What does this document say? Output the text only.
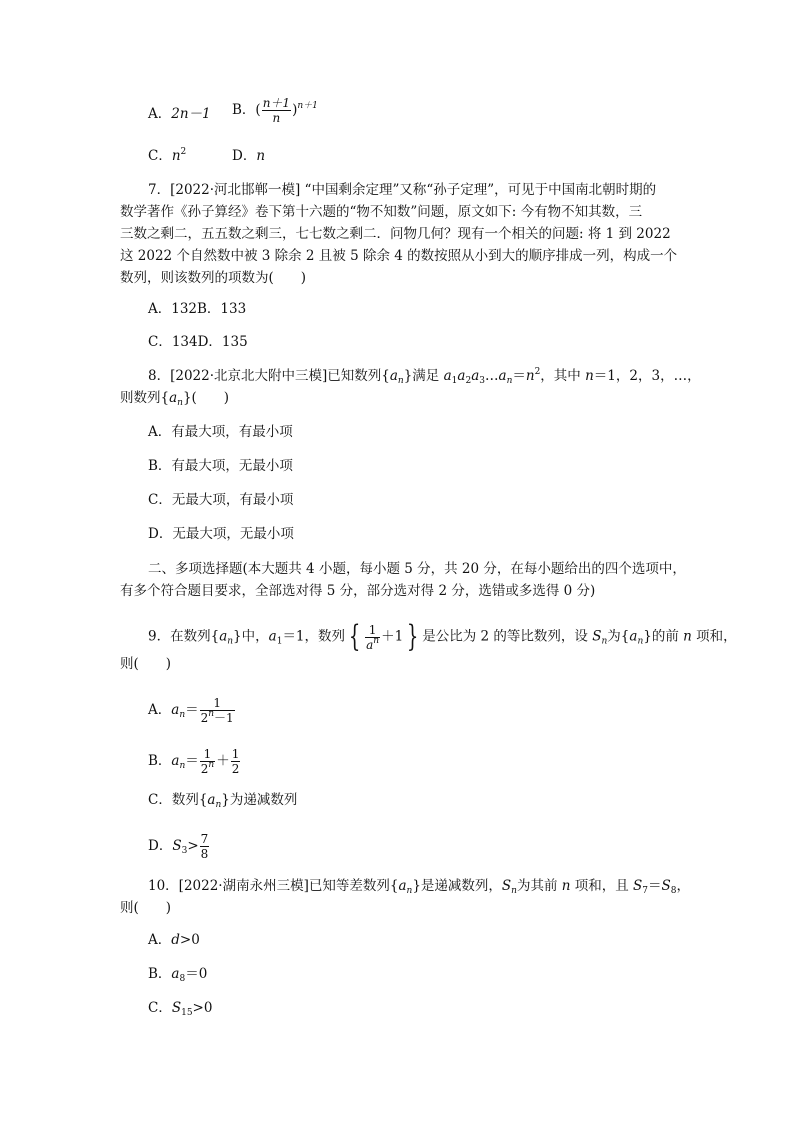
A．2n－1 B．( $\frac{n+1}{n} )^{n+1}$
C．$n^2$	D．n
7．[2022·河北邯郸一模] “中国剩余定理”又称“孙子定理”，可见于中国南北朝时期的
数学著作《孙子算经》卷下第十六题的“物不知数”问题，原文如下: 今有物不知其数，三
三数之剩二，五五数之剩三，七七数之剩二．问物几何？现有一个相关的问题: 将 1 到 2022
这 2022 个自然数中被 3 除余 2 且被 5 除余 4 的数按照从小到大的顺序排成一列，构成一个
数列，则该数列的项数为(　　)
A．132B．133
C．134D．135
8．[2022·北京北大附中三模]已知数列$\{a_n\}$满足 $a_1a_2a_3\dots a_n=n^2$，其中 n＝1，2，3，…，
则数列$\{a_n\}$(　　)
A．有最大项，有最小项
B．有最大项，无最小项
C．无最大项，有最小项
D．无最大项，无最小项
二、多项选择题(本大题共 4 小题，每小题 5 分，共 20 分，在每小题给出的四个选项中，
有多个符合题目要求，全部选对得 5 分，部分选对得 2 分，选错或多选得 0 分)
9．在数列$\{a_n\}$中，$a_1=1$，数列 { $\frac{1}{a^n} +1$ } 是公比为 2 的等比数列，设 $S_n$为$\{a_n\}$的前 n 项和，
则(　　)
A．$a_n= \frac{1}{2^n-1}$
B．$a_n= \frac{1}{2^n} + \frac{1}{2}$
C．数列$\{a_n\}$为递减数列
D．$S_3> \frac{7}{8}$
10．[2022·湖南永州三模]已知等差数列$\{a_n\}$是递减数列，$S_n$为其前 n 项和，且 $S_7=S_8$，
则(　　)
A．d>0
B．$a_8=0$
C．$S_{15}>0$
